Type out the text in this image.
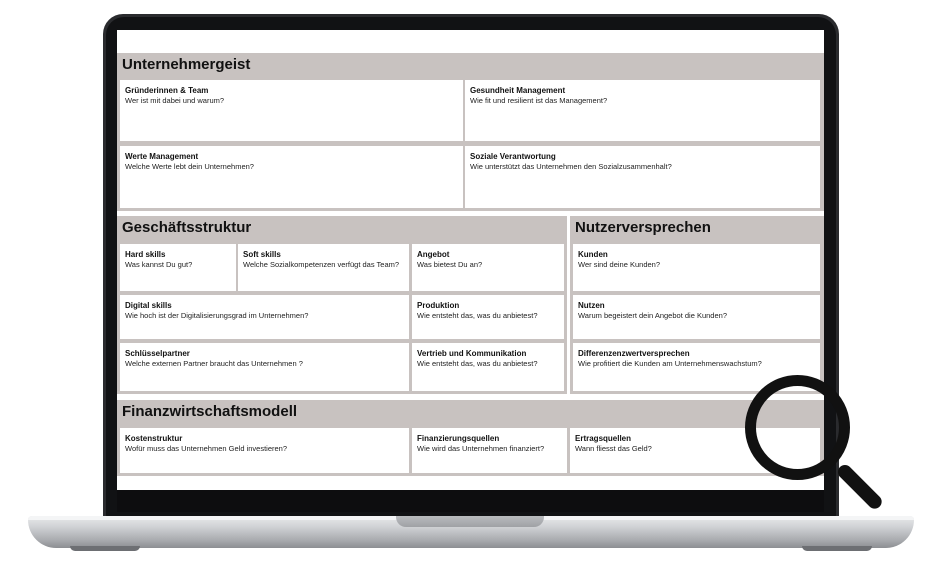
Unternehmergeist
Gründerinnen & Team
Wer ist mit dabei und warum?
Gesundheit Management
Wie fit und resilient ist das Management?
Werte Management
Welche Werte lebt dein Unternehmen?
Soziale Verantwortung
Wie unterstützt das Unternehmen den Sozialzusammenhalt?
Geschäftsstruktur
Hard skills
Was kannst Du gut?
Soft skills
Welche Sozialkompetenzen verfügt das Team?
Angebot
Was bietest Du an?
Digital skills
Wie hoch ist der Digitalisierungsgrad im Unternehmen?
Produktion
Wie entsteht das, was du anbietest?
Schlüsselpartner
Welche externen Partner braucht das Unternehmen ?
Vertrieb und Kommunikation
Wie entsteht das, was du anbietest?
Nutzerversprechen
Kunden
Wer sind deine Kunden?
Nutzen
Warum begeistert dein Angebot die Kunden?
Differenzenzwertversprechen
Wie profitiert die Kunden am Unternehmenswachstum?
Finanzwirtschaftsmodell
Kostenstruktur
Wofür muss das Unternehmen Geld investieren?
Finanzierungsquellen
Wie wird das Unternehmen finanziert?
Ertragsquellen
Wann fliesst das Geld?
